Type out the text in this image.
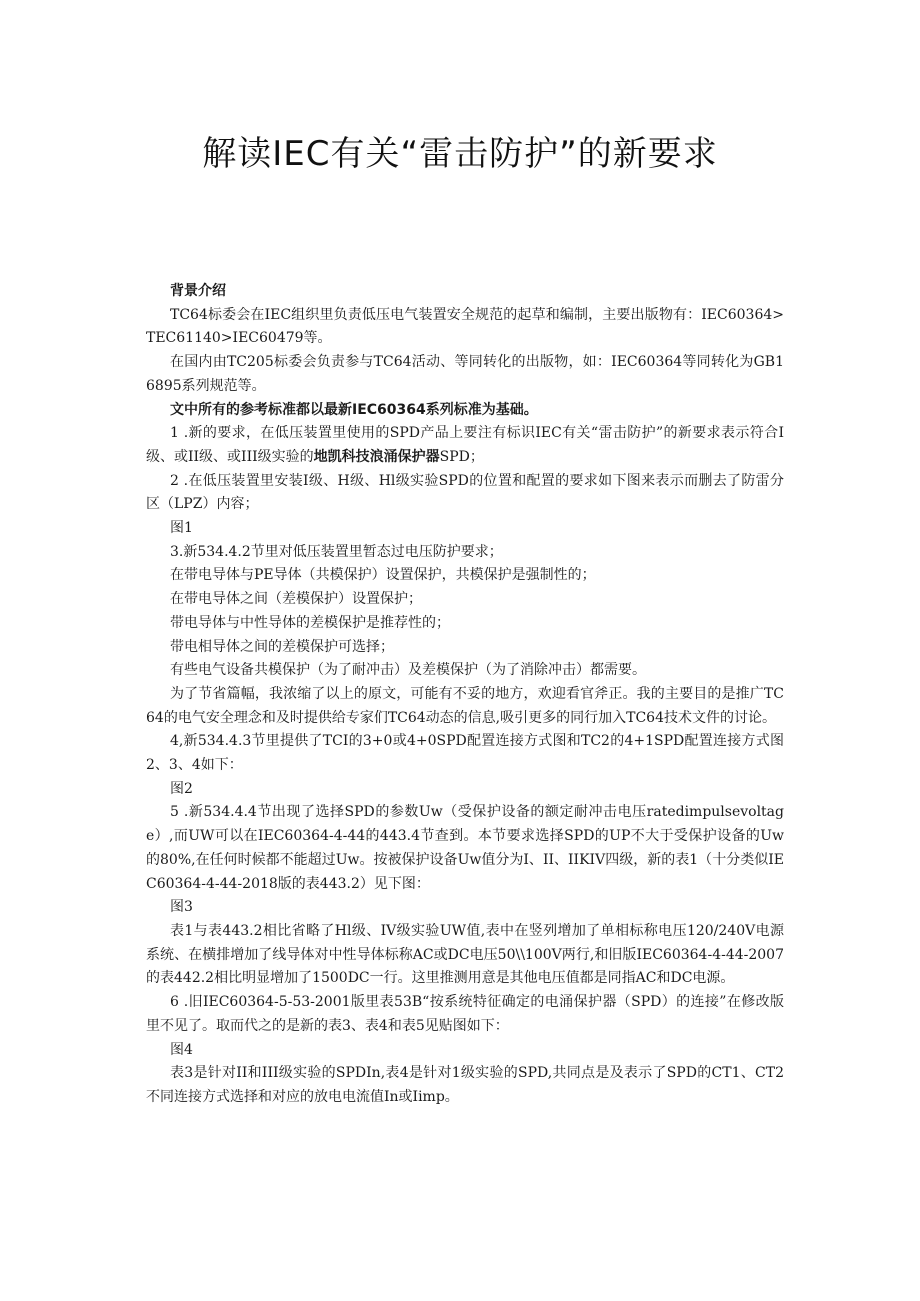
解读IEC有关“雷击防护”的新要求

背景介绍

TC64标委会在IEC组织里负责低压电气装置安全规范的起草和编制，主要出版物有：IEC60364>TEC61140>IEC60479等。

在国内由TC205标委会负责参与TC64活动、等同转化的出版物，如：IEC60364等同转化为GB16895系列规范等。

文中所有的参考标准都以最新IEC60364系列标准为基础。

1 .新的要求，在低压装置里使用的SPD产品上要注有标识IEC有关“雷击防护”的新要求表示符合I级、或II级、或III级实验的地凯科技浪涌保护器SPD；

2 .在低压装置里安装I级、H级、Hl级实验SPD的位置和配置的要求如下图来表示而删去了防雷分区（LPZ）内容；

图1

3.新534.4.2节里对低压装置里暂态过电压防护要求；

在带电导体与PE导体（共模保护）设置保护，共模保护是强制性的；

在带电导体之间（差模保护）设置保护；

带电导体与中性导体的差模保护是推荐性的；

带电相导体之间的差模保护可选择；

有些电气设备共模保护（为了耐冲击）及差模保护（为了消除冲击）都需要。

为了节省篇幅，我浓缩了以上的原文，可能有不妥的地方，欢迎看官斧正。我的主要目的是推广TC64的电气安全理念和及时提供给专家们TC64动态的信息,吸引更多的同行加入TC64技术文件的讨论。

4,新534.4.3节里提供了TCI的3+0或4+0SPD配置连接方式图和TC2的4+1SPD配置连接方式图2、3、4如下：

图2

5 .新534.4.4节出现了选择SPD的参数Uw（受保护设备的额定耐冲击电压ratedimpulsevoltage）,而UW可以在IEC60364-4-44的443.4节查到。本节要求选择SPD的UP不大于受保护设备的Uw的80%,在任何时候都不能超过Uw。按被保护设备Uw值分为I、II、IIKIV四级，新的表1（十分类似IEC60364-4-44-2018版的表443.2）见下图：

图3

表1与表443.2相比省略了Hl级、IV级实验UW值,表中在竖列增加了单相标称电压120/240V电源系统、在横排增加了线导体对中性导体标称AC或DC电压50\\100V两行,和旧版IEC60364-4-44-2007的表442.2相比明显增加了1500DC一行。这里推测用意是其他电压值都是同指AC和DC电源。

6 .旧IEC60364-5-53-2001版里表53B“按系统特征确定的电涌保护器（SPD）的连接”在修改版里不见了。取而代之的是新的表3、表4和表5见贴图如下：

图4

表3是针对II和III级实验的SPDIn,表4是针对1级实验的SPD,共同点是及表示了SPD的CT1、CT2不同连接方式选择和对应的放电电流值In或Iimp。
